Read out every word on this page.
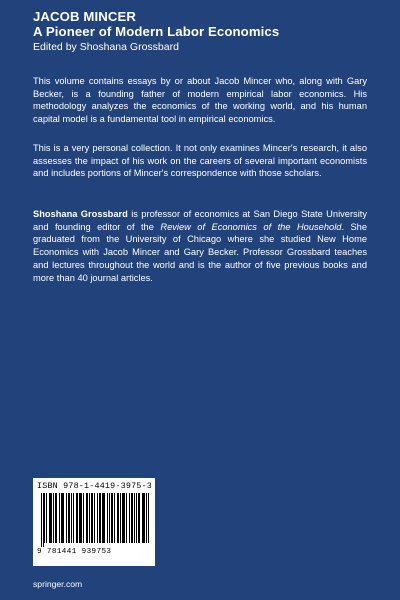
JACOB MINCER
A Pioneer of Modern Labor Economics
Edited by Shoshana Grossbard
This volume contains essays by or about Jacob Mincer who, along with Gary Becker, is a founding father of modern empirical labor economics. His methodology analyzes the economics of the working world, and his human capital model is a fundamental tool in empirical economics.
This is a very personal collection. It not only examines Mincer's research, it also assesses the impact of his work on the careers of several important economists and includes portions of Mincer's correspondence with those scholars.
Shoshana Grossbard is professor of economics at San Diego State University and founding editor of the Review of Economics of the Household. She graduated from the University of Chicago where she studied New Home Economics with Jacob Mincer and Gary Becker. Professor Grossbard teaches and lectures throughout the world and is the author of five previous books and more than 40 journal articles.
ISBN 978-1-4419-3975-3
9 781441 939753
springer.com
